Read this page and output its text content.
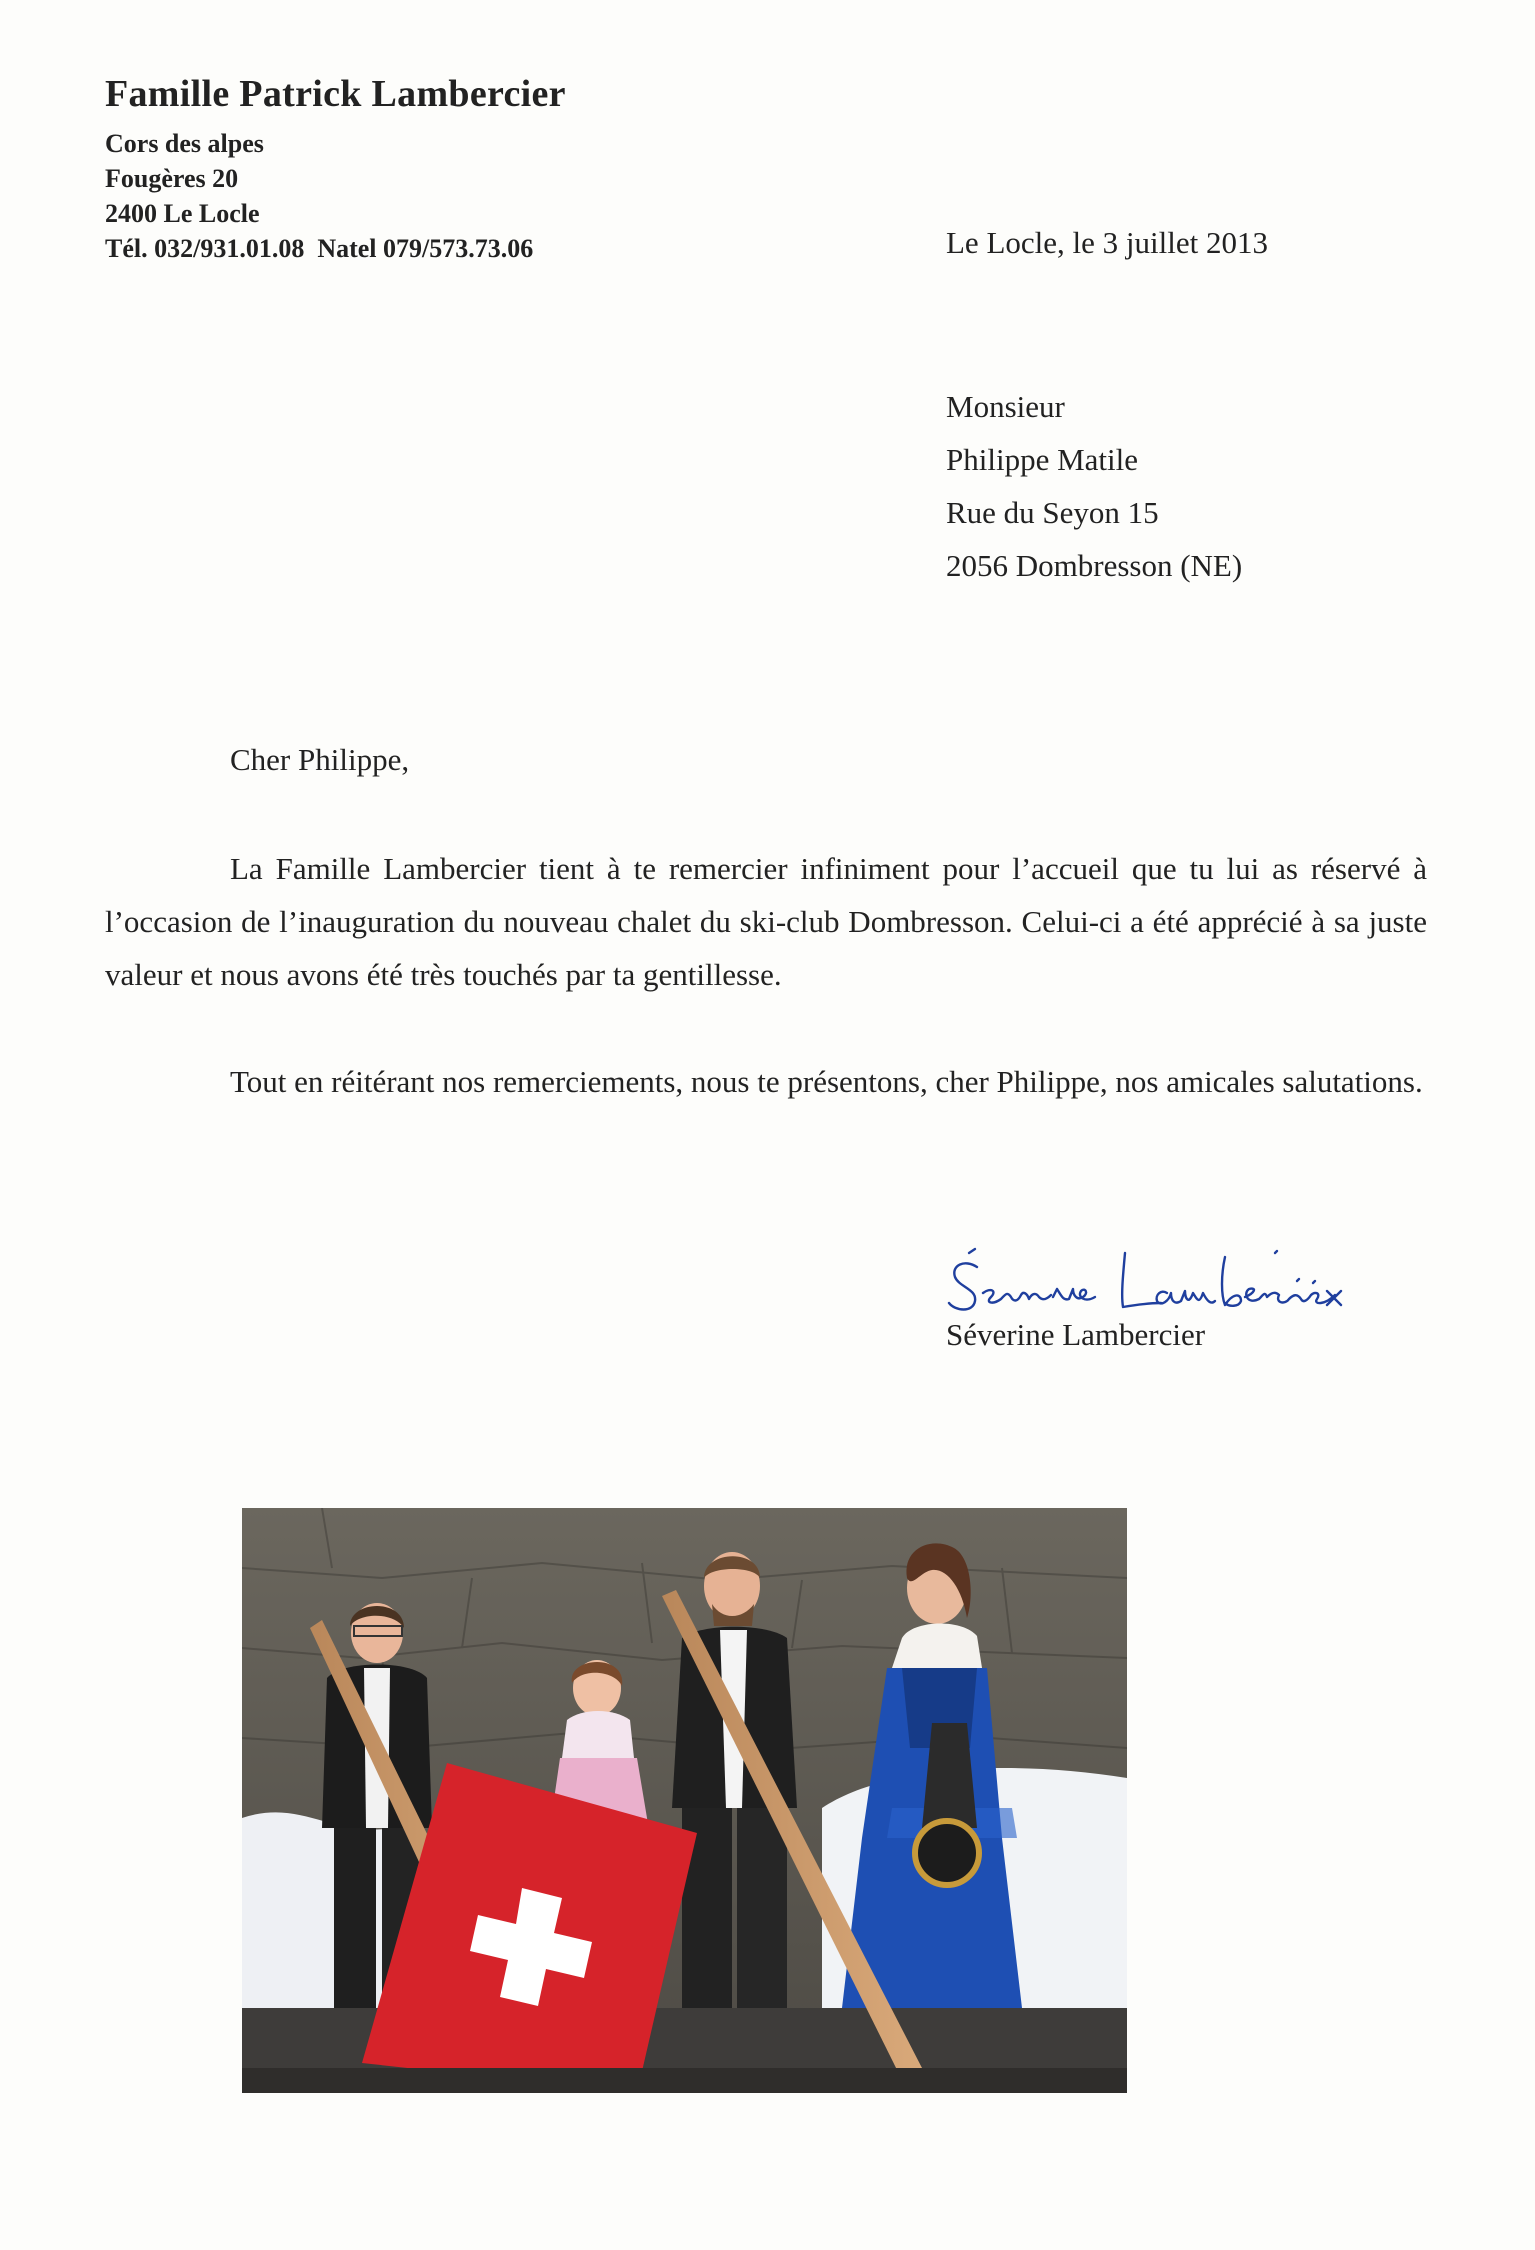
Famille Patrick Lambercier
Cors des alpes
Fougères 20
2400 Le Locle
Tél. 032/931.01.08  Natel 079/573.73.06	Le Locle, le 3 juillet 2013
Monsieur
Philippe Matile
Rue du Seyon 15
2056 Dombresson (NE)
Cher Philippe,
La Famille Lambercier tient à te remercier infiniment pour l’accueil que tu lui as réservé à l’occasion de l’inauguration du nouveau chalet du ski-club Dombresson. Celui-ci a été apprécié à sa juste valeur et nous avons été très touchés par ta gentillesse.
Tout en réitérant nos remerciements, nous te présentons, cher Philippe, nos amicales salutations.
Séverine Lambercier
